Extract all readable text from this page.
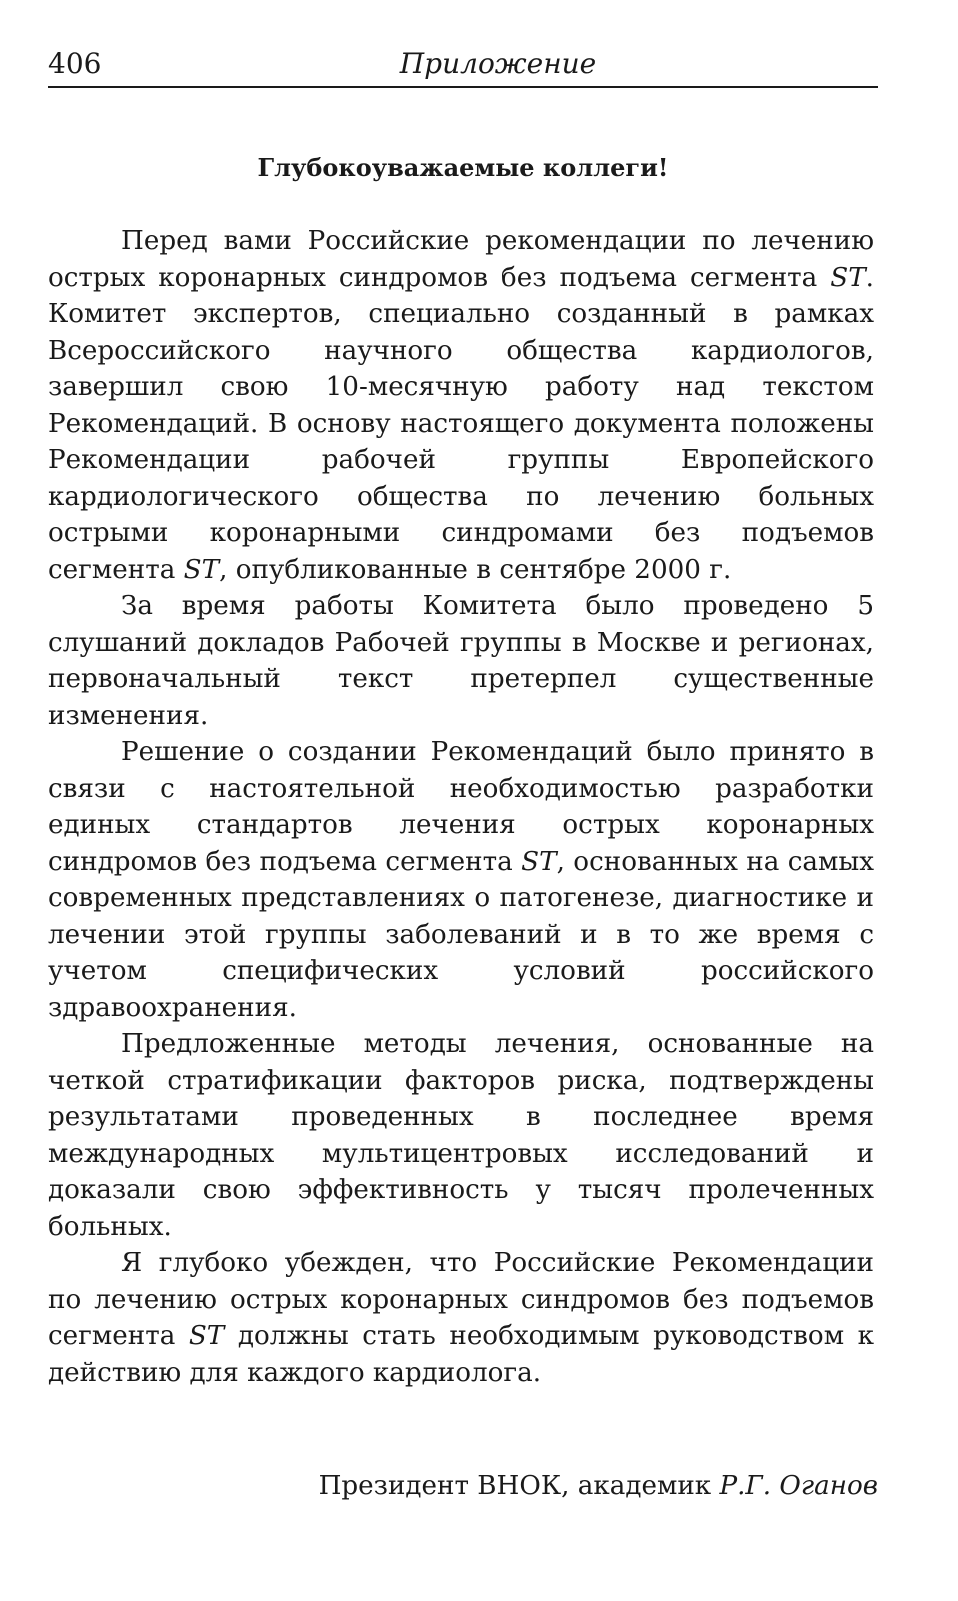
406	Приложение
Глубокоуважаемые коллеги!

Перед вами Российские рекомендации по лечению острых коронарных синдромов без подъема сегмента ST. Комитет экспертов, специально созданный в рамках Всероссийского научного общества кардиологов, завершил свою 10-месячную работу над текстом Рекомендаций. В основу настоящего документа положены Рекомендации рабочей группы Европейского кардиологического общества по лечению больных острыми коронарными синдромами без подъемов сегмента ST, опубликованные в сентябре 2000 г.

За время работы Комитета было проведено 5 слушаний докладов Рабочей группы в Москве и регионах, первоначальный текст претерпел существенные изменения.

Решение о создании Рекомендаций было принято в связи с настоятельной необходимостью разработки единых стандартов лечения острых коронарных синдромов без подъема сегмента ST, основанных на самых современных представлениях о патогенезе, диагностике и лечении этой группы заболеваний и в то же время с учетом специфических условий российского здравоохранения.

Предложенные методы лечения, основанные на четкой стратификации факторов риска, подтверждены результатами проведенных в последнее время международных мультицентровых исследований и доказали свою эффективность у тысяч пролеченных больных.

Я глубоко убежден, что Российские Рекомендации по лечению острых коронарных синдромов без подъемов сегмента ST должны стать необходимым руководством к действию для каждого кардиолога.

Президент ВНОК, академик Р.Г. Оганов
